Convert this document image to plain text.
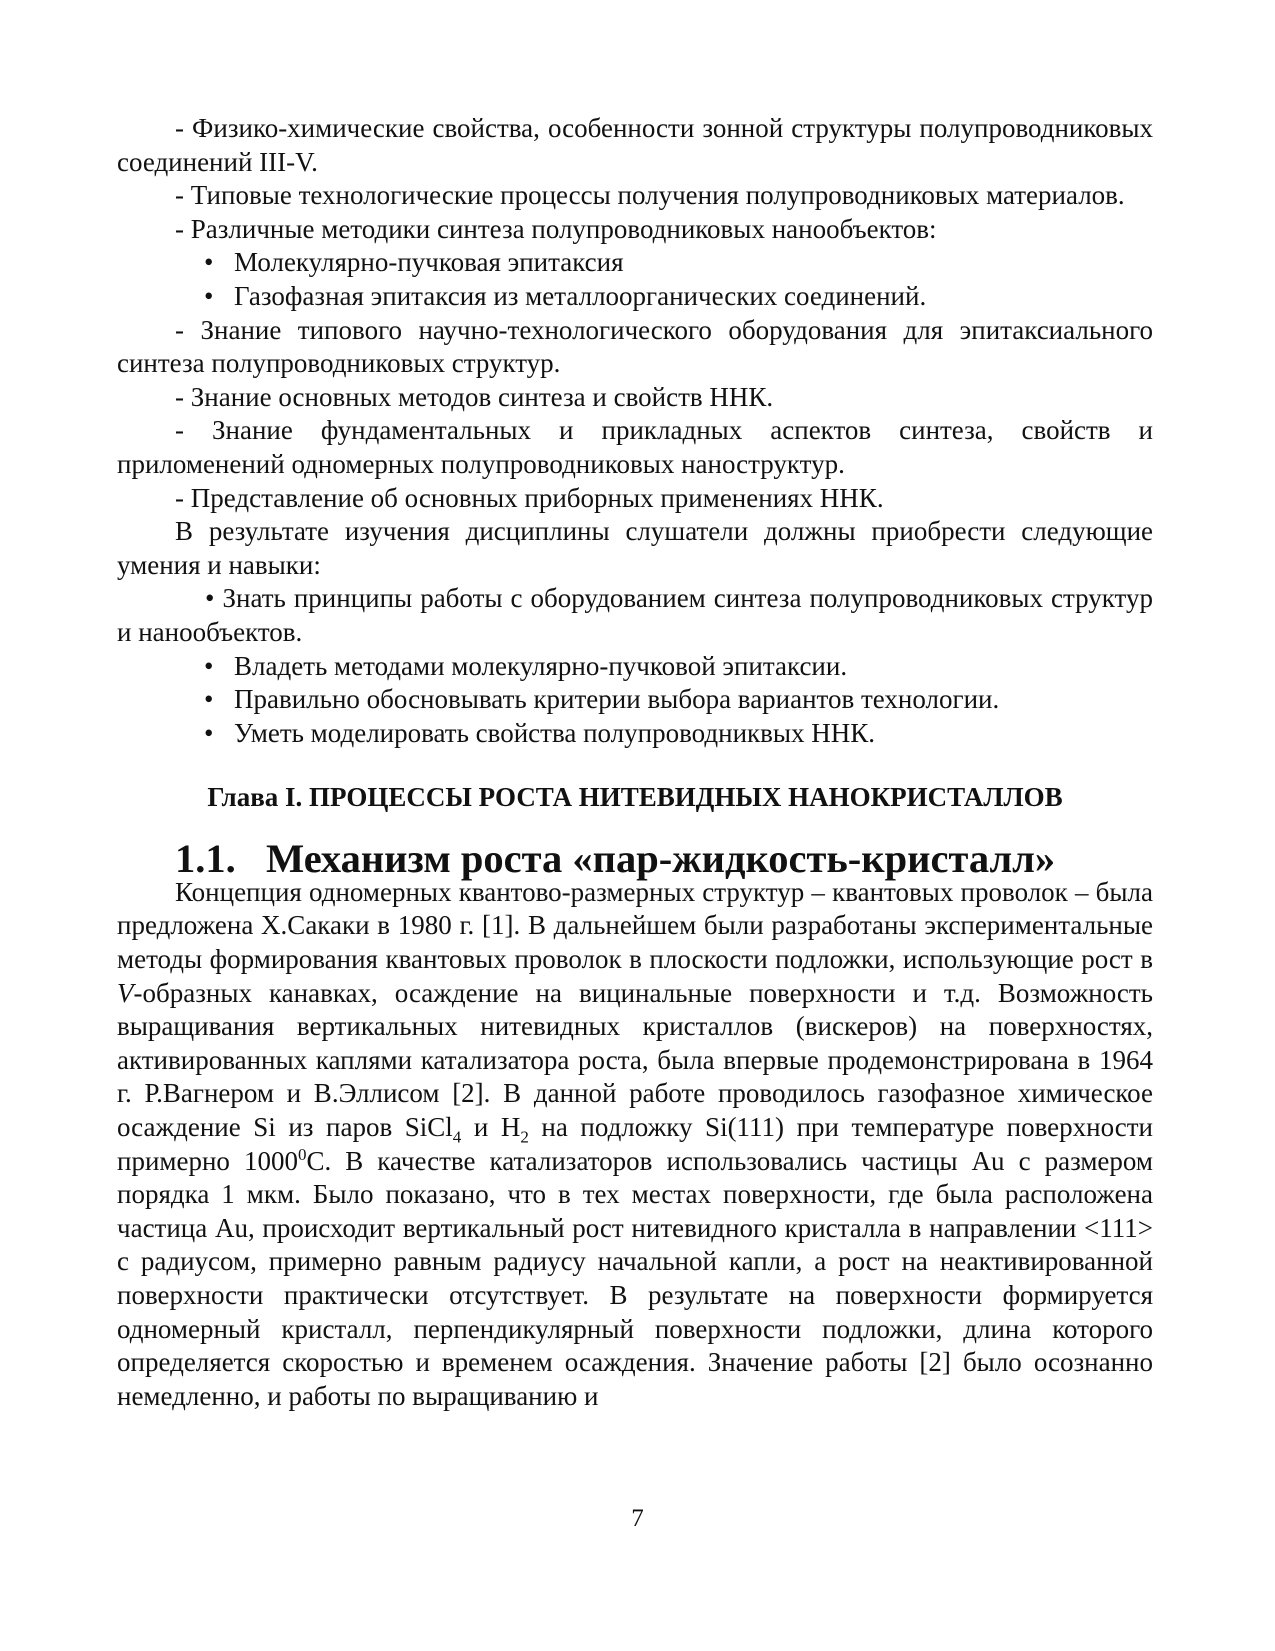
- Физико-химические свойства, особенности зонной структуры полупроводниковых соединений III-V.

- Типовые технологические процессы получения полупроводниковых материалов.

- Различные методики синтеза полупроводниковых нанообъектов:

• Молекулярно-пучковая эпитаксия

• Газофазная эпитаксия из металлоорганических соединений.

- Знание типового научно-технологического оборудования для эпитаксиального синтеза полупроводниковых структур.

- Знание основных методов синтеза и свойств ННК.

- Знание фундаментальных и прикладных аспектов синтеза, свойств и приломенений одномерных полупроводниковых наноструктур.

- Представление об основных приборных применениях ННК.

В результате изучения дисциплины слушатели должны приобрести следующие умения и навыки:

• Знать принципы работы с оборудованием синтеза полупроводниковых структур и нанообъектов.

• Владеть методами молекулярно-пучковой эпитаксии.

• Правильно обосновывать критерии выбора вариантов технологии.

• Уметь моделировать свойства полупроводниквых ННК.

Глава I. ПРОЦЕССЫ РОСТА НИТЕВИДНЫХ НАНОКРИСТАЛЛОВ
1.1. Механизм роста «пар-жидкость-кристалл»

Концепция одномерных квантово-размерных структур – квантовых проволок – была предложена Х.Сакаки в 1980 г. [1]. В дальнейшем были разработаны экспериментальные методы формирования квантовых проволок в плоскости подложки, использующие рост в V-образных канавках, осаждение на вицинальные поверхности и т.д. Возможность выращивания вертикальных нитевидных кристаллов (вискеров) на поверхностях, активированных каплями катализатора роста, была впервые продемонстрирована в 1964 г. Р.Вагнером и В.Эллисом [2]. В данной работе проводилось газофазное химическое осаждение Si из паров SiCl$_4$ и $H_2$ на подложку Si(111) при температуре поверхности примерно 1000$^0$С. В качестве катализаторов использовались частицы Au с размером порядка 1 мкм. Было показано, что в тех местах поверхности, где была расположена частица Au, происходит вертикальный рост нитевидного кристалла в направлении <111> с радиусом, примерно равным радиусу начальной капли, а рост на неактивированной поверхности практически отсутствует. В результате на поверхности формируется одномерный кристалл, перпендикулярный поверхности подложки, длина которого определяется скоростью и временем осаждения. Значение работы [2] было осознанно немедленно, и работы по выращиванию и

7
